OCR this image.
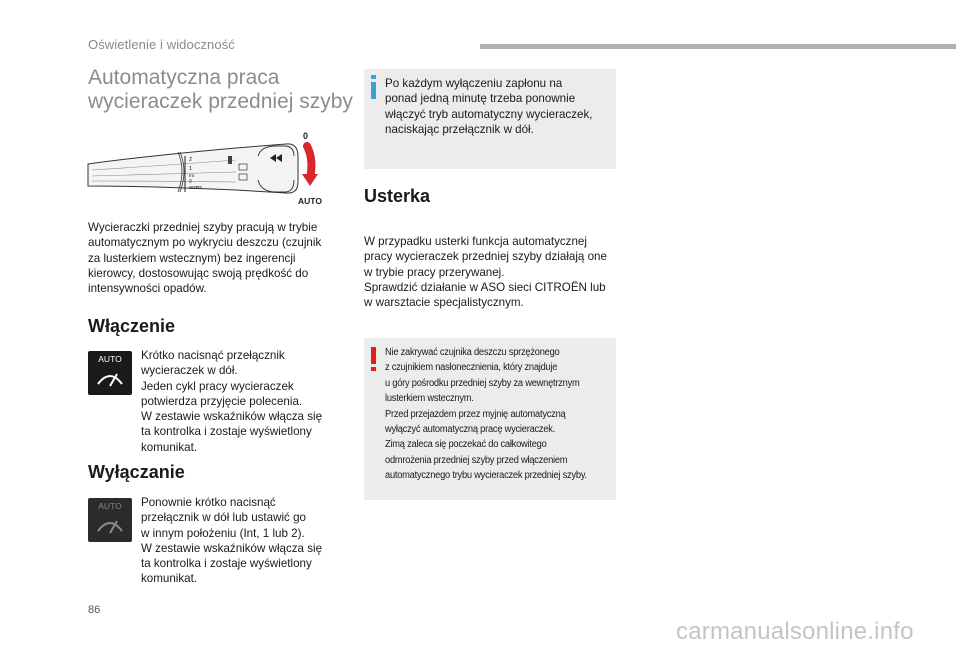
Oświetlenie i widoczność
Automatyczna praca
wycieraczek przedniej szyby
2
1
Int
0
AUTO
0
AUTO

Wycieraczki przedniej szyby pracują w trybie
automatycznym po wykryciu deszczu (czujnik
za lusterkiem wstecznym) bez ingerencji
kierowcy, dostosowując swoją prędkość do
intensywności opadów.

Włączenie
AUTO Krótko nacisnąć przełącznik
wycieraczek w dół.
Jeden cykl pracy wycieraczek
potwierdza przyjęcie polecenia.
W zestawie wskaźników włącza się
ta kontrolka i zostaje wyświetlony
komunikat.

Wyłączanie
AUTO Ponownie krótko nacisnąć
przełącznik w dół lub ustawić go
w innym położeniu (Int, 1 lub 2).
W zestawie wskaźników włącza się
ta kontrolka i zostaje wyświetlony
komunikat.

Po każdym wyłączeniu zapłonu na
ponad jedną minutę trzeba ponownie
włączyć tryb automatyczny wycieraczek,
naciskając przełącznik w dół.

Usterka

W przypadku usterki funkcja automatycznej
pracy wycieraczek przedniej szyby działają one
w trybie pracy przerywanej.
Sprawdzić działanie w ASO sieci CITROËN lub
w warsztacie specjalistycznym.

Nie zakrywać czujnika deszczu sprzężonego
z czujnikiem nasłonecznienia, który znajduje
u góry pośrodku przedniej szyby za wewnętrznym
lusterkiem wstecznym.
Przed przejazdem przez myjnię automatyczną
wyłączyć automatyczną pracę wycieraczek.
Zimą zaleca się poczekać do całkowitego
odmrożenia przedniej szyby przed włączeniem
automatycznego trybu wycieraczek przedniej szyby.

86
carmanualsonline.info
